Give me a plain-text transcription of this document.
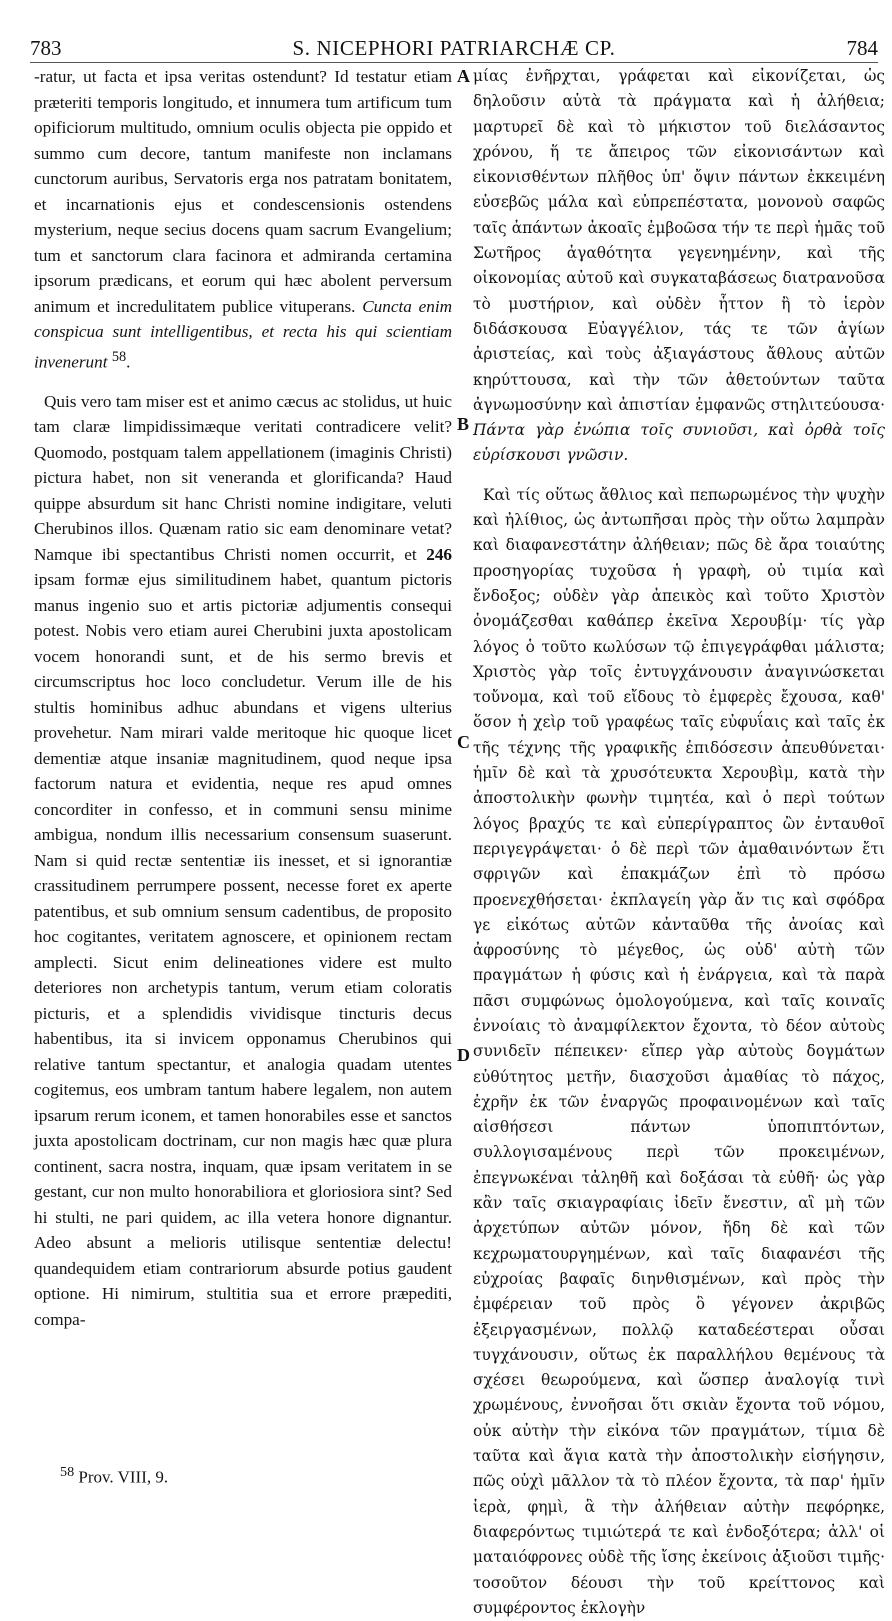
783	S. NICEPHORI PATRIARCHÆ CP.	784

-ratur, ut facta et ipsa veritas ostendunt? Id testatur etiam præteriti temporis longitudo, et innumera tum artificum tum opificiorum multitudo, omnium oculis objecta pie oppido et summo cum decore, tantum manifeste non inclamans cunctorum auribus, Servatoris erga nos patratam bonitatem, et incarnationis ejus et condescensionis ostendens mysterium, neque secius docens quam sacrum Evangelium; tum et sanctorum clara facinora et admiranda certamina ipsorum prædicans, et eorum qui hæc abolent perversum animum et incredulitatem publice vituperans. Cuncta enim conspicua sunt intelligentibus, et recta his qui scientiam invenerunt $^{58}$.

Quis vero tam miser est et animo cæcus ac stolidus, ut huic tam claræ limpidissimæque veritati contradicere velit? Quomodo, postquam talem appellationem (imaginis Christi) pictura habet, non sit veneranda et glorificanda? Haud quippe absurdum sit hanc Christi nomine indigitare, veluti Cherubinos illos. Quænam ratio sic eam denominare vetat? Namque ibi spectantibus Christi nomen occurrit, et 246 ipsam formæ ejus similitudinem habet, quantum pictoris manus ingenio suo et artis pictoriæ adjumentis consequi potest. Nobis vero etiam aurei Cherubini juxta apostolicam vocem honorandi sunt, et de his sermo brevis et circumscriptus hoc loco concludetur. Verum ille de his stultis hominibus adhuc abundans et vigens ulterius provehetur. Nam mirari valde meritoque hic quoque licet dementiæ atque insaniæ magnitudinem, quod neque ipsa factorum natura et evidentia, neque res apud omnes concorditer in confesso, et in communi sensu minime ambigua, nondum illis necessarium consensum suaserunt. Nam si quid rectæ sententiæ iis inesset, et si ignorantiæ crassitudinem perrumpere possent, necesse foret ex aperte patentibus, et sub omnium sensum cadentibus, de proposito hoc cogitantes, veritatem agnoscere, et opinionem rectam amplecti. Sicut enim delineationes videre est multo deteriores non archetypis tantum, verum etiam coloratis picturis, et a splendidis vividisque tincturis decus habentibus, ita si invicem opponamus Cherubinos qui relative tantum spectantur, et analogia quadam utentes cogitemus, eos umbram tantum habere legalem, non autem ipsarum rerum iconem, et tamen honorabiles esse et sanctos juxta apostolicam doctrinam, cur non magis hæc quæ plura continent, sacra nostra, inquam, quæ ipsam veritatem in se gestant, cur non multo honorabiliora et gloriosiora sint? Sed hi stulti, ne pari quidem, ac illa vetera honore dignantur. Adeo absunt a melioris utilisque sententiæ delectu! quandequidem etiam contrariorum absurde potius gaudent optione. Hi nimirum, stultitia sua et errore præpediti, compa-

A
B
C
D

μίας ἐνῆρχται, γράφεται καὶ εἰκονίζεται, ὡς δηλοῦσιν αὐτὰ τὰ πράγματα καὶ ἡ ἀλήθεια; μαρτυρεῖ δὲ καὶ τὸ μήκιστον τοῦ διελάσαντος χρόνου, ἥ τε ἄπειρος τῶν εἰκονισάντων καὶ εἰκονισθέντων πλῆθος ὑπ' ὄψιν πάντων ἐκκειμένη εὐσεβῶς μάλα καὶ εὐπρεπέστατα, μονονοὺ σαφῶς ταῖς ἁπάντων ἀκοαῖς ἐμβοῶσα τήν τε περὶ ἡμᾶς τοῦ Σωτῆρος ἀγαθότητα γεγενημένην, καὶ τῆς οἰκονομίας αὐτοῦ καὶ συγκαταβάσεως διατρανοῦσα τὸ μυστήριον, καὶ οὐδὲν ἧττον ἢ τὸ ἱερὸν διδάσκουσα Εὐαγγέλιον, τάς τε τῶν ἁγίων ἀριστείας, καὶ τοὺς ἀξιαγάστους ἄθλους αὐτῶν κηρύττουσα, καὶ τὴν τῶν ἀθετούντων ταῦτα ἀγνωμοσύνην καὶ ἀπιστίαν ἐμφανῶς στηλιτεύουσα· Πάντα γὰρ ἐνώπια τοῖς συνιοῦσι, καὶ ὀρθὰ τοῖς εὑρίσκουσι γνῶσιν.

Καὶ τίς οὕτως ἄθλιος καὶ πεπωρωμένος τὴν ψυχὴν καὶ ἠλίθιος, ὡς ἀντωπῆσαι πρὸς τὴν οὕτω λαμπρὰν καὶ διαφανεστάτην ἀλήθειαν; πῶς δὲ ἄρα τοιαύτης προσηγορίας τυχοῦσα ἡ γραφὴ, οὐ τιμία καὶ ἔνδοξος; οὐδὲν γὰρ ἀπεικὸς καὶ τοῦτο Χριστὸν ὀνομάζεσθαι καθάπερ ἐκεῖνα Χερουβίμ· τίς γὰρ λόγος ὁ τοῦτο κωλύσων τῷ ἐπιγεγράφθαι μάλιστα; Χριστὸς γὰρ τοῖς ἐντυγχάνουσιν ἀναγινώσκεται τοὔνομα, καὶ τοῦ εἴδους τὸ ἐμφερὲς ἔχουσα, καθ' ὅσον ἡ χεὶρ τοῦ γραφέως ταῖς εὐφυΐαις καὶ ταῖς ἐκ τῆς τέχνης τῆς γραφικῆς ἐπιδόσεσιν ἀπευθύνεται· ἡμῖν δὲ καὶ τὰ χρυσότευκτα Χερουβὶμ, κατὰ τὴν ἀποστολικὴν φωνὴν τιμητέα, καὶ ὁ περὶ τούτων λόγος βραχύς τε καὶ εὐπερίγραπτος ὢν ἐνταυθοῖ περιγεγράψεται· ὁ δὲ περὶ τῶν ἀμαθαινόντων ἔτι σφριγῶν καὶ ἐπακμάζων ἐπὶ τὸ πρόσω προενεχθήσεται· ἐκπλαγείη γὰρ ἄν τις καὶ σφόδρα γε εἰκότως αὐτῶν κἀνταῦθα τῆς ἀνοίας καὶ ἀφροσύνης τὸ μέγεθος, ὡς οὐδ' αὐτὴ τῶν πραγμάτων ἡ φύσις καὶ ἡ ἐνάργεια, καὶ τὰ παρὰ πᾶσι συμφώνως ὁμολογούμενα, καὶ ταῖς κοιναῖς ἐννοίαις τὸ ἀναμφίλεκτον ἔχοντα, τὸ δέον αὐτοὺς συνιδεῖν πέπεικεν· εἴπερ γὰρ αὐτοὺς δογμάτων εὐθύτητος μετῆν, διασχοῦσι ἀμαθίας τὸ πάχος, ἐχρῆν ἐκ τῶν ἐναργῶς προφαινομένων καὶ ταῖς αἰσθήσεσι πάντων ὑποπιπτόντων, συλλογισαμένους περὶ τῶν προκειμένων, ἐπεγνωκέναι τἀληθῆ καὶ δοξάσαι τὰ εὐθῆ· ὡς γὰρ κἂν ταῖς σκιαγραφίαις ἰδεῖν ἔνεστιν, αἳ μὴ τῶν ἀρχετύπων αὐτῶν μόνον, ἤδη δὲ καὶ τῶν κεχρωματουργημένων, καὶ ταῖς διαφανέσι τῆς εὐχροίας βαφαῖς διηνθισμένων, καὶ πρὸς τὴν ἐμφέρειαν τοῦ πρὸς ὃ γέγονεν ἀκριβῶς ἐξειργασμένων, πολλῷ καταδεέστεραι οὖσαι τυγχάνουσιν, οὕτως ἐκ παραλλήλου θεμένους τὰ σχέσει θεωρούμενα, καὶ ὥσπερ ἀναλογίᾳ τινὶ χρωμένους, ἐννοῆσαι ὅτι σκιὰν ἔχοντα τοῦ νόμου, οὐκ αὐτὴν τὴν εἰκόνα τῶν πραγμάτων, τίμια δὲ ταῦτα καὶ ἅγια κατὰ τὴν ἀποστολικὴν εἰσήγησιν, πῶς οὐχὶ μᾶλλον τὰ τὸ πλέον ἔχοντα, τὰ παρ' ἡμῖν ἱερὰ, φημὶ, ἃ τὴν ἀλήθειαν αὐτὴν πεφόρηκε, διαφερόντως τιμιώτερά τε καὶ ἐνδοξότερα; ἀλλ' οἱ ματαιόφρονες οὐδὲ τῆς ἴσης ἐκείνοις ἀξιοῦσι τιμῆς· τοσοῦτον δέουσι τὴν τοῦ κρείττονος καὶ συμφέροντος ἐκλογὴν

$^{58}$ Prov. VIII, 9.
